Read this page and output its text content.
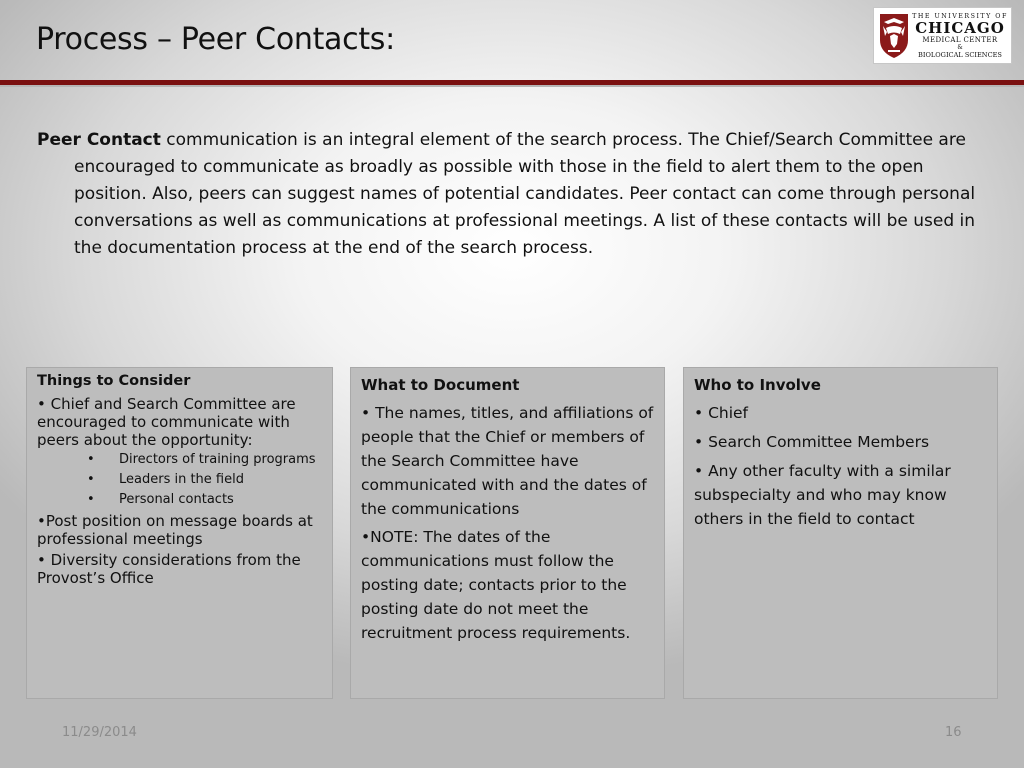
Process – Peer Contacts:
THE UNIVERSITY OF
CHICAGO
MEDICAL CENTER
&
BIOLOGICAL SCIENCES

Peer Contact communication is an integral element of the search process. The Chief/Search Committee are encouraged to communicate as broadly as possible with those in the field to alert them to the open position. Also, peers can suggest names of potential candidates. Peer contact can come through personal conversations as well as communications at professional meetings. A list of these contacts will be used in the documentation process at the end of the search process.

Things to Consider
• Chief and Search Committee are encouraged to communicate with peers about the opportunity:
• Directors of training programs
• Leaders in the field
• Personal contacts
•Post position on message boards at professional meetings
• Diversity considerations from the Provost’s Office
What to Document
• The names, titles, and affiliations of people that the Chief or members of the Search Committee have communicated with and the dates of the communications
•NOTE: The dates of the communications must follow the posting date; contacts prior to the posting date do not meet the recruitment process requirements.
Who to Involve
• Chief
• Search Committee Members
• Any other faculty with a similar subspecialty and who may know others in the field to contact
11/29/2014	16
